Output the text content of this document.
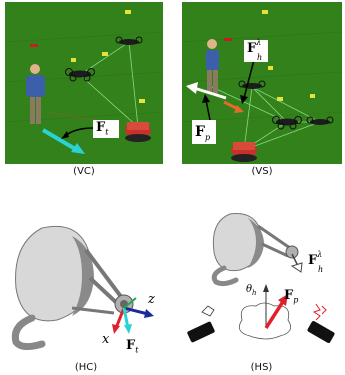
$F_t$
(VC)
$F^\lambda$
h
$F_p$
(VS)
z
x $F_t$
(HC)
$F^\lambda$
h
$\theta_h$ $F_p$
(HS)
